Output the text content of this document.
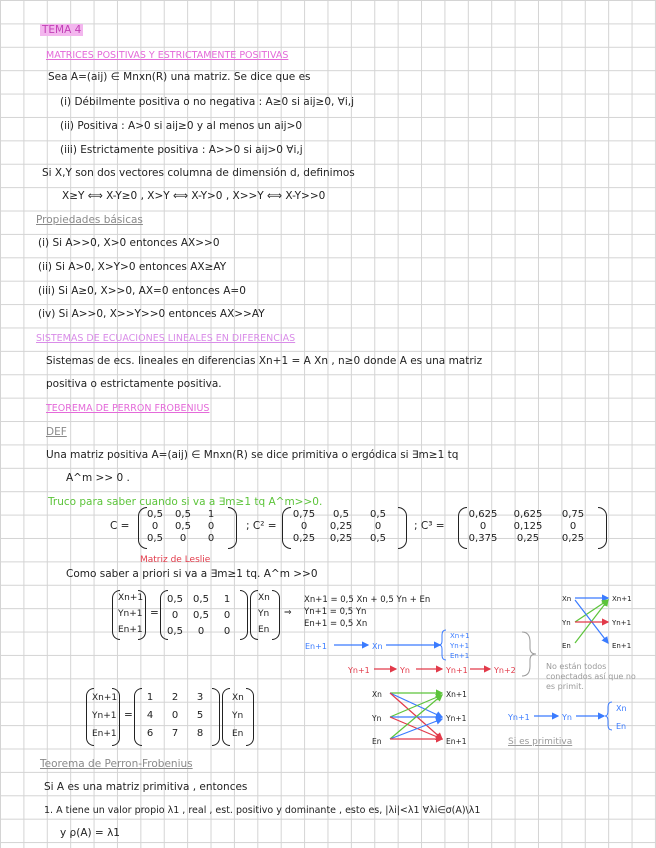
TEMA 4
MATRICES POSITIVAS Y ESTRICTAMENTE POSITIVAS
Sea A=(aij) ∈ Mnxn(R) una matriz. Se dice que es
(i) Débilmente positiva o no negativa : A≥0 si aij≥0, ∀i,j
(ii) Positiva : A>0 si aij≥0 y al menos un aij>0
(iii) Estrictamente positiva : A>>0 si aij>0 ∀i,j
Si X,Y son dos vectores columna de dimensión d, definimos
X≥Y ⟺ X-Y≥0 , X>Y ⟺ X-Y>0 , X>>Y ⟺ X-Y>>0
Propiedades básicas
(i) Si A>>0, X>0 entonces AX>>0
(ii) Si A>0, X>Y>0 entonces AX≥AY
(iii) Si A≥0, X>>0, AX=0 entonces A=0
(iv) Si A>>0, X>>Y>>0 entonces AX>>AY
SISTEMAS DE ECUACIONES LINEALES EN DIFERENCIAS
Sistemas de ecs. lineales en diferencias Xn+1 = A Xn , n≥0 donde A es una matriz
positiva o estrictamente positiva.
TEOREMA DE PERRON FROBENIUS
DEF
Una matriz positiva A=(aij) ∈ Mnxn(R) se dice primitiva o ergódica si ∃m≥1 tq
A^m >> 0 .
Truco para saber cuando si va a ∃m≥1 tq A^m>>0.
C =
0,5	0,5	1
0	0,5	0
0,5	0	0
; C² =
0,75	0,5	0,5
0	0,25	0
0,25	0,25	0,5
; C³ =
0,625	0,625	0,75
0	0,125	0
0,375	0,25	0,25
Matriz de Leslie
Como saber a priori si va a ∃m≥1 tq. A^m >>0
Xn+1
Yn+1
En+1
=
0,5	0,5	1
0	0,5	0
0,5	0	0
Xn
Yn
En
⇒
Xn+1 = 0,5 Xn + 0,5 Yn + En
Yn+1 = 0,5 Yn
En+1 = 0,5 Xn
En+1	Xn
Xn+1
Yn+1
En+1
Yn+1	Yn	Yn+1	Yn+2	No están todos conectados así que no es primit.
Xn
Yn
En
Xn+1
Yn+1
En+1
Xn+1
Yn+1
En+1
=
1	2	3
4	0	5
6	7	8
Xn
Yn
En
Xn
Yn
En
Xn+1
Yn+1
En+1
Yn+1	Yn
Xn
En
Si es primitiva
Teorema de Perron-Frobenius
Si A es una matriz primitiva , entonces
1. A tiene un valor propio λ1 , real , est. positivo y dominante , esto es, |λi|<λ1 ∀λi∈σ(A)\λ1
y ρ(A) = λ1
